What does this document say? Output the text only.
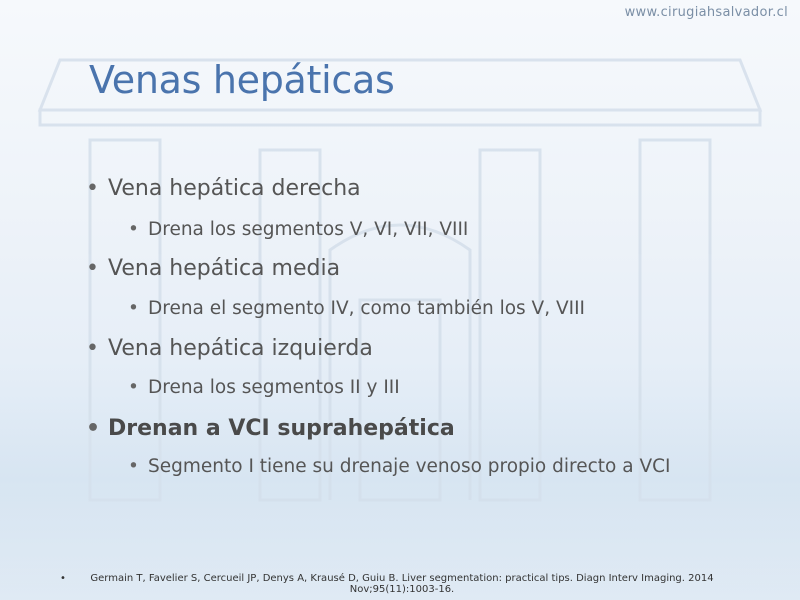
www.cirugiahsalvador.cl
Venas hepáticas
• Vena hepática derecha
• Drena los segmentos V, VI, VII, VIII
• Vena hepática media
• Drena el segmento IV, como también los V, VIII
• Vena hepática izquierda
• Drena los segmentos II y III
• Drenan a VCI suprahepática
• Segmento I tiene su drenaje venoso propio directo a VCI
•	Germain T, Favelier S, Cercueil JP, Denys A, Krausé D, Guiu B. Liver segmentation: practical tips. Diagn Interv Imaging. 2014 Nov;95(11):1003-16.
